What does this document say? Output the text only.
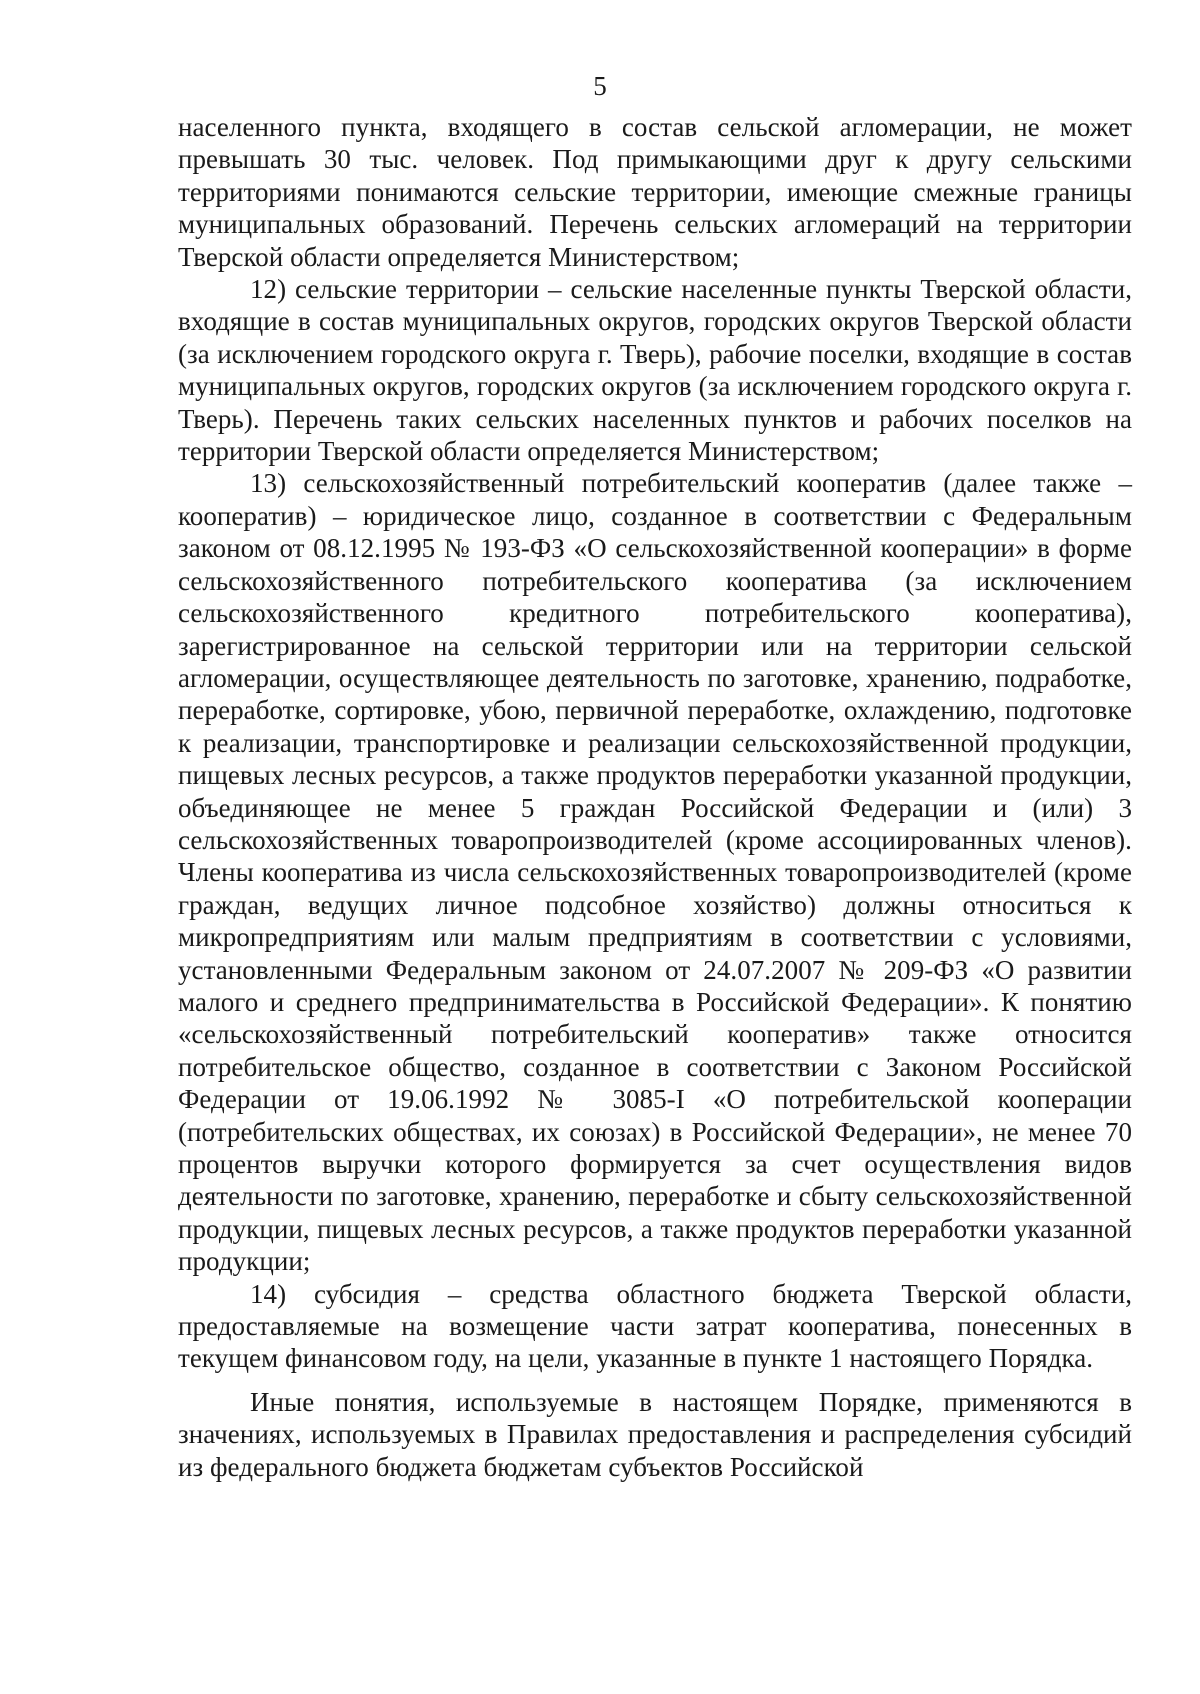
5

населенного пункта, входящего в состав сельской агломерации, не может превышать 30 тыс. человек. Под примыкающими друг к другу сельскими территориями понимаются сельские территории, имеющие смежные границы муниципальных образований. Перечень сельских агломераций на территории Тверской области определяется Министерством;

12) сельские территории – сельские населенные пункты Тверской области, входящие в состав муниципальных округов, городских округов Тверской области (за исключением городского округа г. Тверь), рабочие поселки, входящие в состав муниципальных округов, городских округов (за исключением городского округа г. Тверь). Перечень таких сельских населенных пунктов и рабочих поселков на территории Тверской области определяется Министерством;

13) сельскохозяйственный потребительский кооператив (далее также – кооператив) – юридическое лицо, созданное в соответствии с Федеральным законом от 08.12.1995 № 193-ФЗ «О сельскохозяйственной кооперации» в форме сельскохозяйственного потребительского кооператива (за исключением сельскохозяйственного кредитного потребительского кооператива), зарегистрированное на сельской территории или на территории сельской агломерации, осуществляющее деятельность по заготовке, хранению, подработке, переработке, сортировке, убою, первичной переработке, охлаждению, подготовке к реализации, транспортировке и реализации сельскохозяйственной продукции, пищевых лесных ресурсов, а также продуктов переработки указанной продукции, объединяющее не менее 5 граждан Российской Федерации и (или) 3 сельскохозяйственных товаропроизводителей (кроме ассоциированных членов). Члены кооператива из числа сельскохозяйственных товаропроизводителей (кроме граждан, ведущих личное подсобное хозяйство) должны относиться к микропредприятиям или малым предприятиям в соответствии с условиями, установленными Федеральным законом от 24.07.2007 № 209-ФЗ «О развитии малого и среднего предпринимательства в Российской Федерации». К понятию «сельскохозяйственный потребительский кооператив» также относится потребительское общество, созданное в соответствии с Законом Российской Федерации от 19.06.1992 № 3085-I «О потребительской кооперации (потребительских обществах, их союзах) в Российской Федерации», не менее 70 процентов выручки которого формируется за счет осуществления видов деятельности по заготовке, хранению, переработке и сбыту сельскохозяйственной продукции, пищевых лесных ресурсов, а также продуктов переработки указанной продукции;

14) субсидия – средства областного бюджета Тверской области, предоставляемые на возмещение части затрат кооператива, понесенных в текущем финансовом году, на цели, указанные в пункте 1 настоящего Порядка.

Иные понятия, используемые в настоящем Порядке, применяются в значениях, используемых в Правилах предоставления и распределения субсидий из федерального бюджета бюджетам субъектов Российской
